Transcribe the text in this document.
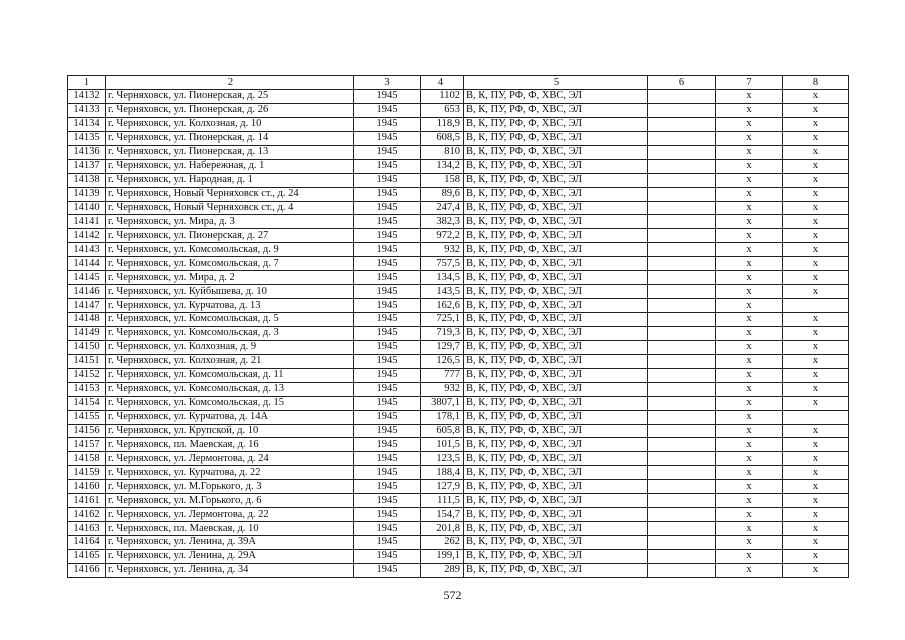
1	2	3	4	5	6	7	8
14132	г. Черняховск, ул. Пионерская, д. 25	1945	1102	В, К, ПУ, РФ, Ф, ХВС, ЭЛ		х	х
14133	г. Черняховск, ул. Пионерская, д. 26	1945	653	В, К, ПУ, РФ, Ф, ХВС, ЭЛ		х	х
14134	г. Черняховск, ул. Колхозная, д. 10	1945	118,9	В, К, ПУ, РФ, Ф, ХВС, ЭЛ		х	х
14135	г. Черняховск, ул. Пионерская, д. 14	1945	608,5	В, К, ПУ, РФ, Ф, ХВС, ЭЛ		х	х
14136	г. Черняховск, ул. Пионерская, д. 13	1945	810	В, К, ПУ, РФ, Ф, ХВС, ЭЛ		х	х
14137	г. Черняховск, ул. Набережная, д. 1	1945	134,2	В, К, ПУ, РФ, Ф, ХВС, ЭЛ		х	х
14138	г. Черняховск, ул. Народная, д. 1	1945	158	В, К, ПУ, РФ, Ф, ХВС, ЭЛ		х	х
14139	г. Черняховск, Новый Черняховск ст., д. 24	1945	89,6	В, К, ПУ, РФ, Ф, ХВС, ЭЛ		х	х
14140	г. Черняховск, Новый Черняховск ст., д. 4	1945	247,4	В, К, ПУ, РФ, Ф, ХВС, ЭЛ		х	х
14141	г. Черняховск, ул. Мира, д. 3	1945	382,3	В, К, ПУ, РФ, Ф, ХВС, ЭЛ		х	х
14142	г. Черняховск, ул. Пионерская, д. 27	1945	972,2	В, К, ПУ, РФ, Ф, ХВС, ЭЛ		х	х
14143	г. Черняховск, ул. Комсомольская, д. 9	1945	932	В, К, ПУ, РФ, Ф, ХВС, ЭЛ		х	х
14144	г. Черняховск, ул. Комсомольская, д. 7	1945	757,5	В, К, ПУ, РФ, Ф, ХВС, ЭЛ		х	х
14145	г. Черняховск, ул. Мира, д. 2	1945	134,5	В, К, ПУ, РФ, Ф, ХВС, ЭЛ		х	х
14146	г. Черняховск, ул. Куйбышева, д. 10	1945	143,5	В, К, ПУ, РФ, Ф, ХВС, ЭЛ		х	х
14147	г. Черняховск, ул. Курчатова, д. 13	1945	162,6	В, К, ПУ, РФ, Ф, ХВС, ЭЛ		х	
14148	г. Черняховск, ул. Комсомольская, д. 5	1945	725,1	В, К, ПУ, РФ, Ф, ХВС, ЭЛ		х	х
14149	г. Черняховск, ул. Комсомольская, д. 3	1945	719,3	В, К, ПУ, РФ, Ф, ХВС, ЭЛ		х	х
14150	г. Черняховск, ул. Колхозная, д. 9	1945	129,7	В, К, ПУ, РФ, Ф, ХВС, ЭЛ		х	х
14151	г. Черняховск, ул. Колхозная, д. 21	1945	126,5	В, К, ПУ, РФ, Ф, ХВС, ЭЛ		х	х
14152	г. Черняховск, ул. Комсомольская, д. 11	1945	777	В, К, ПУ, РФ, Ф, ХВС, ЭЛ		х	х
14153	г. Черняховск, ул. Комсомольская, д. 13	1945	932	В, К, ПУ, РФ, Ф, ХВС, ЭЛ		х	х
14154	г. Черняховск, ул. Комсомольская, д. 15	1945	3807,1	В, К, ПУ, РФ, Ф, ХВС, ЭЛ		х	х
14155	г. Черняховск, ул. Курчатова, д. 14А	1945	178,1	В, К, ПУ, РФ, Ф, ХВС, ЭЛ		х	
14156	г. Черняховск, ул. Крупской, д. 10	1945	605,8	В, К, ПУ, РФ, Ф, ХВС, ЭЛ		х	х
14157	г. Черняховск, пл. Маевская, д. 16	1945	101,5	В, К, ПУ, РФ, Ф, ХВС, ЭЛ		х	х
14158	г. Черняховск, ул. Лермонтова, д. 24	1945	123,5	В, К, ПУ, РФ, Ф, ХВС, ЭЛ		х	х
14159	г. Черняховск, ул. Курчатова, д. 22	1945	188,4	В, К, ПУ, РФ, Ф, ХВС, ЭЛ		х	х
14160	г. Черняховск, ул. М.Горького, д. 3	1945	127,9	В, К, ПУ, РФ, Ф, ХВС, ЭЛ		х	х
14161	г. Черняховск, ул. М.Горького, д. 6	1945	111,5	В, К, ПУ, РФ, Ф, ХВС, ЭЛ		х	х
14162	г. Черняховск, ул. Лермонтова, д. 22	1945	154,7	В, К, ПУ, РФ, Ф, ХВС, ЭЛ		х	х
14163	г. Черняховск, пл. Маевская, д. 10	1945	201,8	В, К, ПУ, РФ, Ф, ХВС, ЭЛ		х	х
14164	г. Черняховск, ул. Ленина, д. 39А	1945	262	В, К, ПУ, РФ, Ф, ХВС, ЭЛ		х	х
14165	г. Черняховск, ул. Ленина, д. 29А	1945	199,1	В, К, ПУ, РФ, Ф, ХВС, ЭЛ		х	х
14166	г. Черняховск, ул. Ленина, д. 34	1945	289	В, К, ПУ, РФ, Ф, ХВС, ЭЛ		х	х
572
